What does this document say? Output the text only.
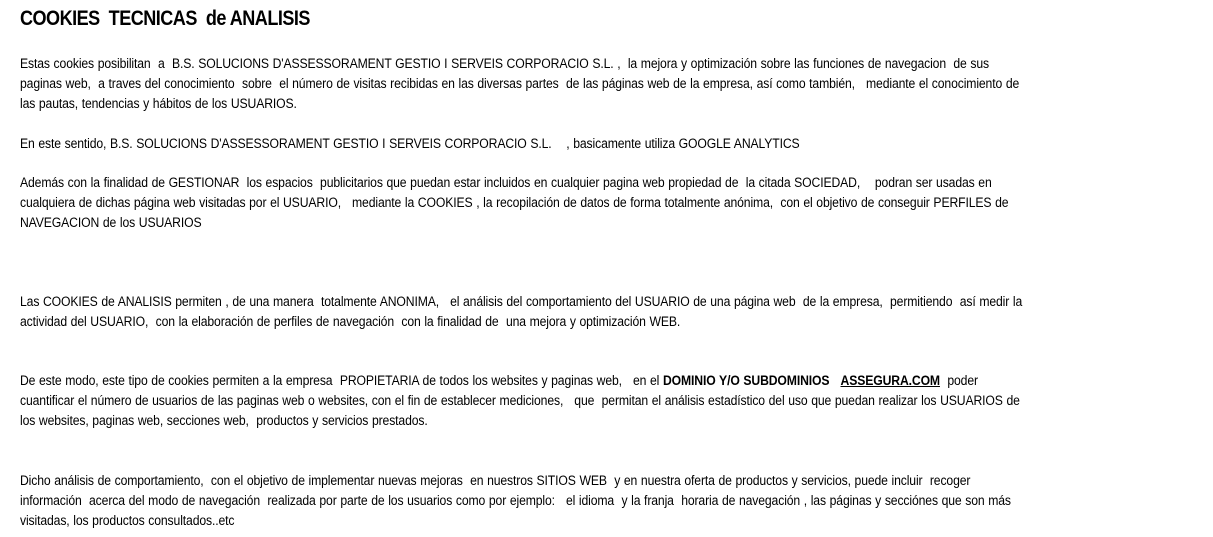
COOKIES  TECNICAS  de ANALISIS

Estas cookies posibilitan  a  B.S. SOLUCIONS D'ASSESSORAMENT GESTIO I SERVEIS CORPORACIO S.L. ,  la mejora y optimización sobre las funciones de navegacion  de sus
paginas web,  a traves del conocimiento  sobre  el número de visitas recibidas en las diversas partes  de las páginas web de la empresa, así como también,   mediante el conocimiento de
las pautas, tendencias y hábitos de los USUARIOS.

En este sentido, B.S. SOLUCIONS D'ASSESSORAMENT GESTIO I SERVEIS CORPORACIO S.L.    , basicamente utiliza GOOGLE ANALYTICS

Además con la finalidad de GESTIONAR  los espacios  publicitarios que puedan estar incluidos en cualquier pagina web propiedad de  la citada SOCIEDAD,    podran ser usadas en
cualquiera de dichas página web visitadas por el USUARIO,   mediante la COOKIES , la recopilación de datos de forma totalmente anónima,  con el objetivo de conseguir PERFILES de
NAVEGACION de los USUARIOS

Las COOKIES de ANALISIS permiten , de una manera  totalmente ANONIMA,   el análisis del comportamiento del USUARIO de una página web  de la empresa,  permitiendo  así medir la
actividad del USUARIO,  con la elaboración de perfiles de navegación  con la finalidad de  una mejora y optimización WEB.

De este modo, este tipo de cookies permiten a la empresa  PROPIETARIA de todos los websites y paginas web,   en el DOMINIO Y/O SUBDOMINIOS ASSEGURA.COM  poder
cuantificar el número de usuarios de las paginas web o websites, con el fin de establecer mediciones,   que  permitan el análisis estadístico del uso que puedan realizar los USUARIOS de
los websites, paginas web, secciones web,  productos y servicios prestados.

Dicho análisis de comportamiento,  con el objetivo de implementar nuevas mejoras  en nuestros SITIOS WEB  y en nuestra oferta de productos y servicios, puede incluir  recoger
información  acerca del modo de navegación  realizada por parte de los usuarios como por ejemplo:   el idioma  y la franja  horaria de navegación , las páginas y secciónes que son más
visitadas, los productos consultados..etc
